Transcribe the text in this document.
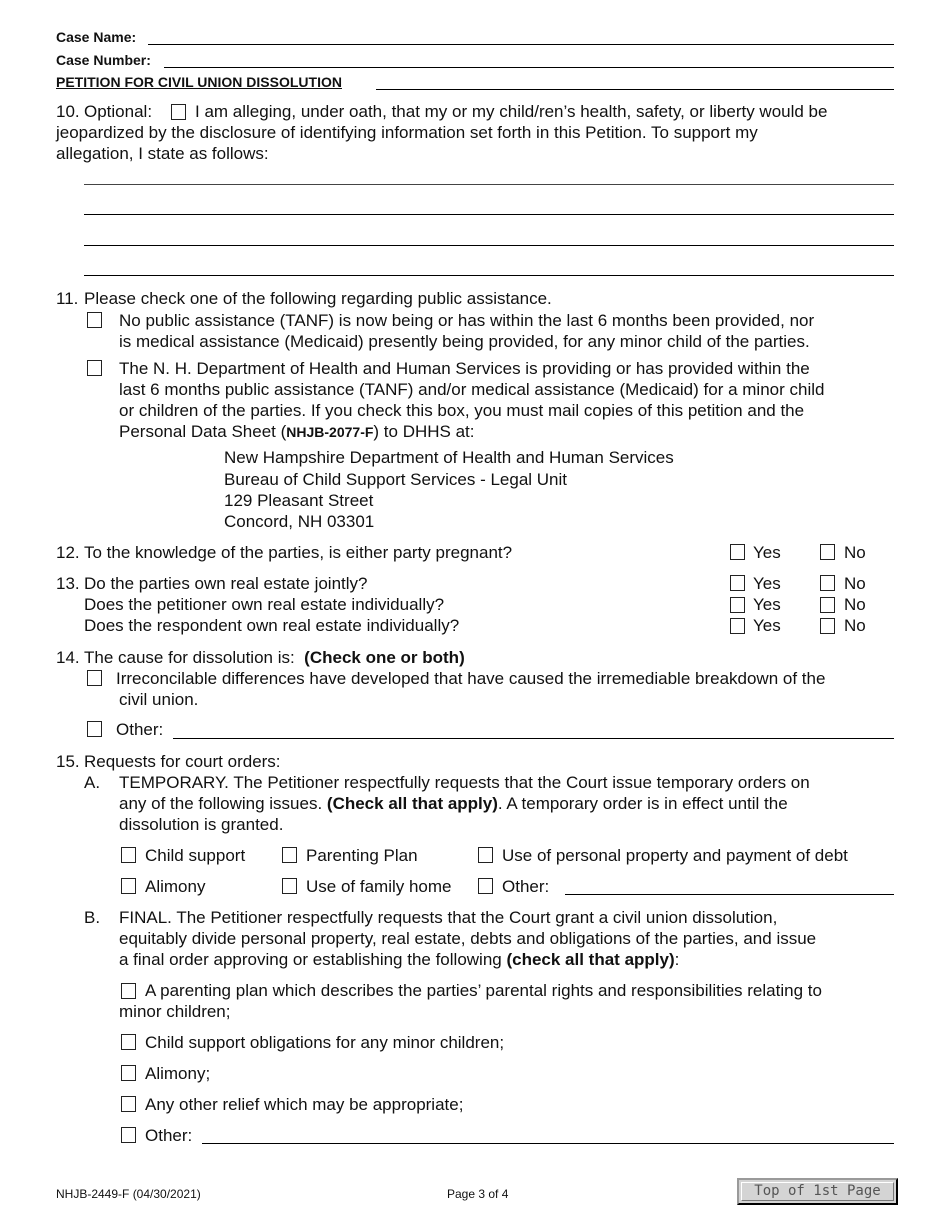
Case Name:
Case Number:
PETITION FOR CIVIL UNION DISSOLUTION
10. Optional:	I am alleging, under oath, that my or my child/ren’s health, safety, or liberty would be
jeopardized by the disclosure of identifying information set forth in this Petition. To support my
allegation, I state as follows:
11. Please check one of the following regarding public assistance.
No public assistance (TANF) is now being or has within the last 6 months been provided, nor
is medical assistance (Medicaid) presently being provided, for any minor child of the parties.
The N. H. Department of Health and Human Services is providing or has provided within the
last 6 months public assistance (TANF) and/or medical assistance (Medicaid) for a minor child
or children of the parties. If you check this box, you must mail copies of this petition and the
Personal Data Sheet (NHJB-2077-F) to DHHS at:
New Hampshire Department of Health and Human Services
Bureau of Child Support Services - Legal Unit
129 Pleasant Street
Concord, NH 03301
12. To the knowledge of the parties, is either party pregnant?	Yes	No
13. Do the parties own real estate jointly?	Yes	No
Does the petitioner own real estate individually?	Yes	No
Does the respondent own real estate individually?	Yes	No
14. The cause for dissolution is: (Check one or both)
Irreconcilable differences have developed that have caused the irremediable breakdown of the
civil union.
Other:
15. Requests for court orders:
A. TEMPORARY. The Petitioner respectfully requests that the Court issue temporary orders on
any of the following issues. (Check all that apply). A temporary order is in effect until the
dissolution is granted.
Child support	Parenting Plan	Use of personal property and payment of debt
Alimony	Use of family home	Other:
B. FINAL. The Petitioner respectfully requests that the Court grant a civil union dissolution,
equitably divide personal property, real estate, debts and obligations of the parties, and issue
a final order approving or establishing the following (check all that apply):
A parenting plan which describes the parties’ parental rights and responsibilities relating to
minor children;
Child support obligations for any minor children;
Alimony;
Any other relief which may be appropriate;
Other:
NHJB-2449-F (04/30/2021)	Page 3 of 4	Top of 1st Page
